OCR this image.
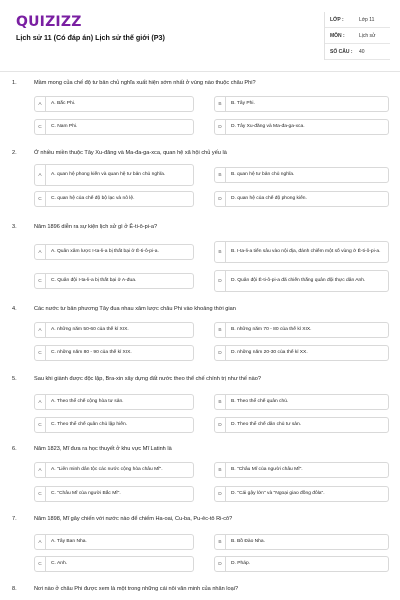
QUIZIZZ
Lịch sử 11 (Có đáp án) Lịch sử thế giới (P3)
LỚP :	Lớp 11
MÔN :	Lịch sử
SỐ CÂU :	40
1.	Mầm mong của chế độ tư bản chủ nghĩa xuất hiện sớm nhất ở vùng nào thuộc châu Phi?
A	A. Bắc Phi.	B	B. Tây Phi.
C	C. Nam Phi.	D	D. Tây Xu-đăng và Ma-đa-ga-xca.
2.	Ở nhiều miền thuộc Tây Xu-đăng và Ma-đa-ga-xca, quan hệ xã hội chủ yếu là
A	A. quan hệ phong kiến và quan hệ tư bản chủ nghĩa.	B	B. quan hệ tư bản chủ nghĩa.
C	C. quan hệ của chế độ bộ lạc và nô lệ.	D	D. quan hệ của chế độ phong kiến.
3.	Năm 1896 diễn ra sự kiện lịch sử gì ở Ê-ti-ô-pi-a?
A	A. Quân xâm lược I-ta-li-a bị thất bại ở Ê-ti-ô-pi-a.	B	B. I-ta-li-a tiến sâu vào nội địa, đánh chiếm một số vùng ở Ê-ti-ô-pi-a.
C	C. Quân đội I-ta-li-a bị thất bại ở A-đua.	D	D. Quân đội Ê-ti-ô-pi-a đã chiến thắng quân đội thực dân Anh.
4.	Các nước tư bản phương Tây đua nhau xâm lược châu Phi vào khoảng thời gian
A	A. những năm 50-60 của thế kỉ XIX.	B	B. những năm 70 - 80 của thế kỉ XIX.
C	C. những năm 80 - 90 của thế kỉ XIX.	D	D. những năm 20-30 của thế kỉ XX.
5.	Sau khi giành được độc lập, Bra-xin xây dựng đất nước theo thể chế chính trị như thế nào?
A	A. Theo thể chế cộng hòa tư sản.	B	B. Theo thể chế quân chủ.
C	C. Theo thể chế quân chủ lập hiến.	D	D. Theo thể chế dân chủ tư sản.
6.	Năm 1823, Mĩ đưa ra học thuyết ở khu vực Mĩ Latinh là
A	A. "Liên minh dân tộc các nước cộng hòa châu Mĩ".	B	B. "Châu Mĩ của người châu Mĩ".
C	C. "Châu Mĩ của người Bắc Mĩ".	D	D. "Cái gậy lớn" và "Ngoại giao đồng đôla".
7.	Năm 1898, Mĩ gây chiến với nước nào để chiếm Ha-oai, Cu-ba, Pu-ẻc-tô Ri-cô?
A	A. Tây Ban Nha.	B	B. Bồ Đào Nha.
C	C. Anh.	D	D. Pháp.
8.	Nơi nào ở châu Phi được xem là một trong những cái nôi văn minh của nhân loại?
